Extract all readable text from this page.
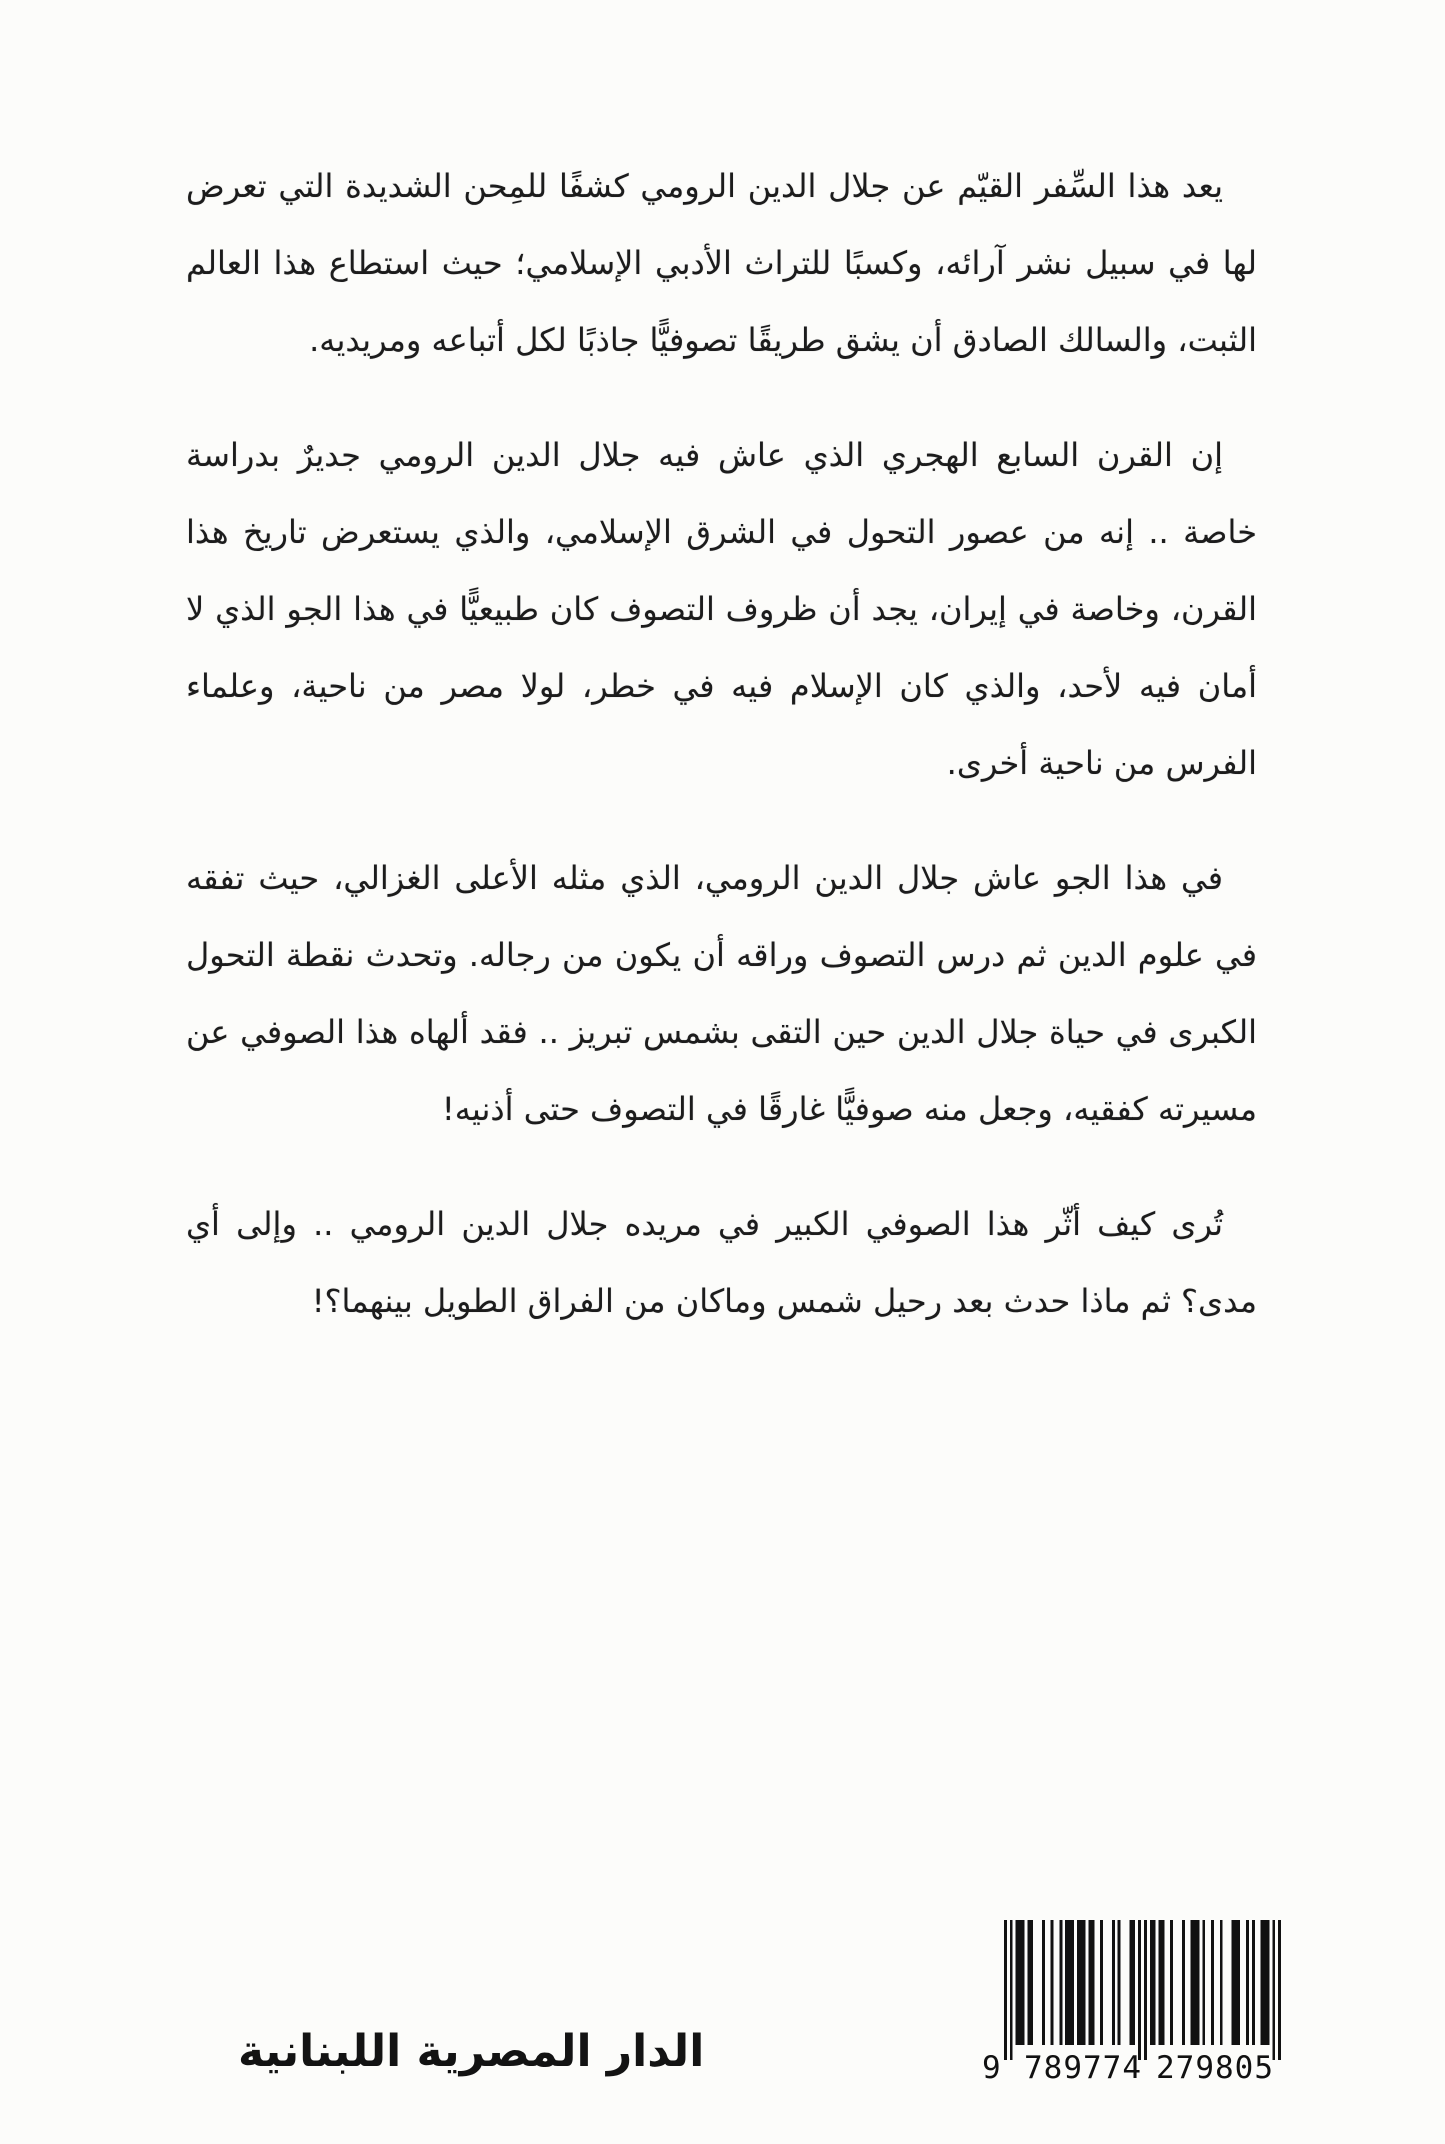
يعد هذا السِّفر القيّم عن جلال الدين الرومي كشفًا للمِحن الشديدة التي تعرض لها في سبيل نشر آرائه، وكسبًا للتراث الأدبي الإسلامي؛ حيث استطاع هذا العالم الثبت، والسالك الصادق أن يشق طريقًا تصوفيًّا جاذبًا لكل أتباعه ومريديه.

إن القرن السابع الهجري الذي عاش فيه جلال الدين الرومي جديرٌ بدراسة خاصة .. إنه من عصور التحول في الشرق الإسلامي، والذي يستعرض تاريخ هذا القرن، وخاصة في إيران، يجد أن ظروف التصوف كان طبيعيًّا في هذا الجو الذي لا أمان فيه لأحد، والذي كان الإسلام فيه في خطر، لولا مصر من ناحية، وعلماء الفرس من ناحية أخرى.

في هذا الجو عاش جلال الدين الرومي، الذي مثله الأعلى الغزالي، حيث تفقه في علوم الدين ثم درس التصوف وراقه أن يكون من رجاله. وتحدث نقطة التحول الكبرى في حياة جلال الدين حين التقى بشمس تبريز .. فقد ألهاه هذا الصوفي عن مسيرته كفقيه، وجعل منه صوفيًّا غارقًا في التصوف حتى أذنيه!

تُرى كيف أثّر هذا الصوفي الكبير في مريده جلال الدين الرومي .. وإلى أي مدى؟ ثم ماذا حدث بعد رحيل شمس وماكان من الفراق الطويل بينهما؟!

الدار المصرية اللبنانية	9 789774 279805
